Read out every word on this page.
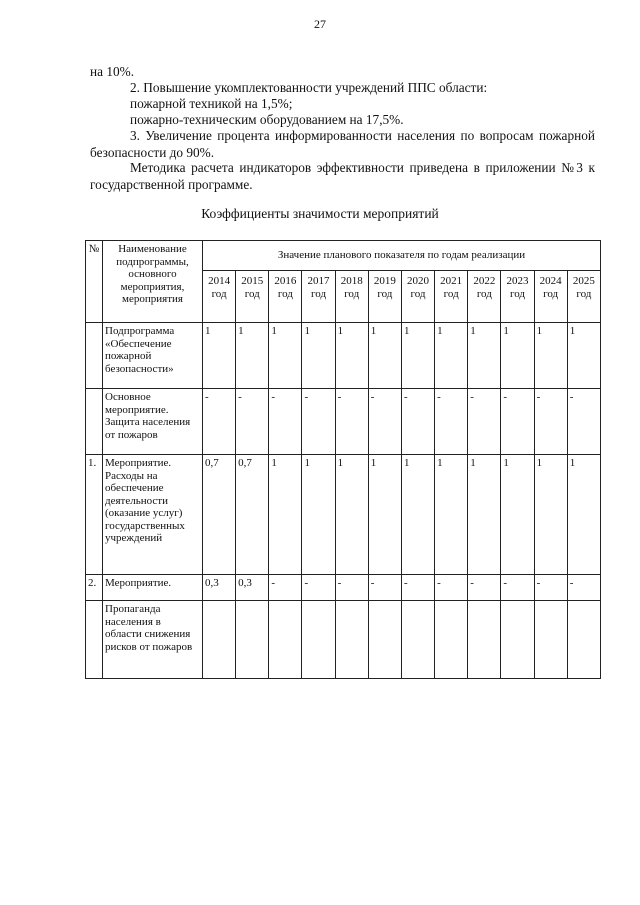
27
на 10%.
2. Повышение укомплектованности учреждений ППС области:
пожарной техникой на 1,5%;
пожарно-техническим оборудованием на 17,5%.
3. Увеличение процента информированности населения по вопросам пожарной безопасности до 90%.
Методика расчета индикаторов эффективности приведена в приложении №3 к государственной программе.
Коэффициенты значимости мероприятий
№	Наименование подпрограммы, основного мероприятия, мероприятия	Значение планового показателя по годам реализации											
		2014 год	2015 год	2016 год	2017 год	2018 год	2019 год	2020 год	2021 год	2022 год	2023 год	2024 год	2025 год
	Подпрограмма «Обеспечение пожарной безопасности»	1	1	1	1	1	1	1	1	1	1	1	1
	Основное мероприятие. Защита населения от пожаров	-	-	-	-	-	-	-	-	-	-	-	-
1.	Мероприятие. Расходы на обеспечение деятельности (оказание услуг) государственных учреждений	0,7	0,7	1	1	1	1	1	1	1	1	1	1
2.	Мероприятие.	0,3	0,3	-	-	-	-	-	-	-	-	-	-
	Пропаганда населения в области снижения рисков от пожаров												
